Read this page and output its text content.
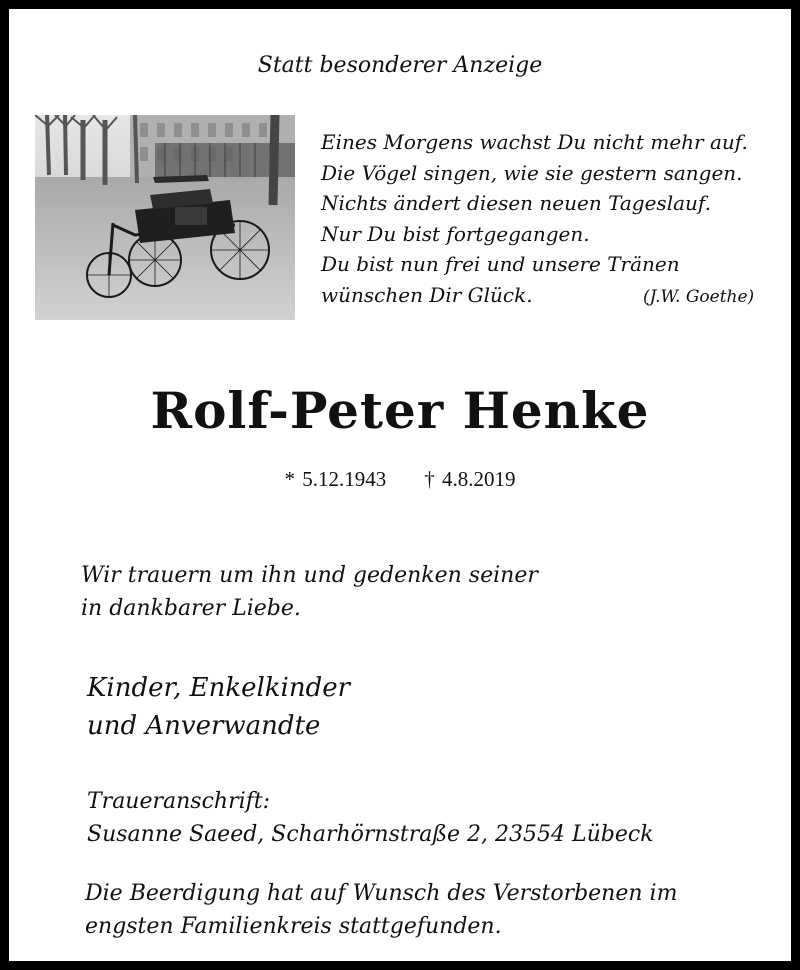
Statt besonderer Anzeige
Eines Morgens wachst Du nicht mehr auf.
Die Vögel singen, wie sie gestern sangen.
Nichts ändert diesen neuen Tageslauf.
Nur Du bist fortgegangen.
Du bist nun frei und unsere Tränen
wünschen Dir Glück.	(J.W. Goethe)
Rolf-Peter Henke
* 5.12.1943 † 4.8.2019
Wir trauern um ihn und gedenken seiner
in dankbarer Liebe.
Kinder, Enkelkinder
und Anverwandte
Traueranschrift:
Susanne Saeed, Scharhörnstraße 2, 23554 Lübeck
Die Beerdigung hat auf Wunsch des Verstorbenen im
engsten Familienkreis stattgefunden.
